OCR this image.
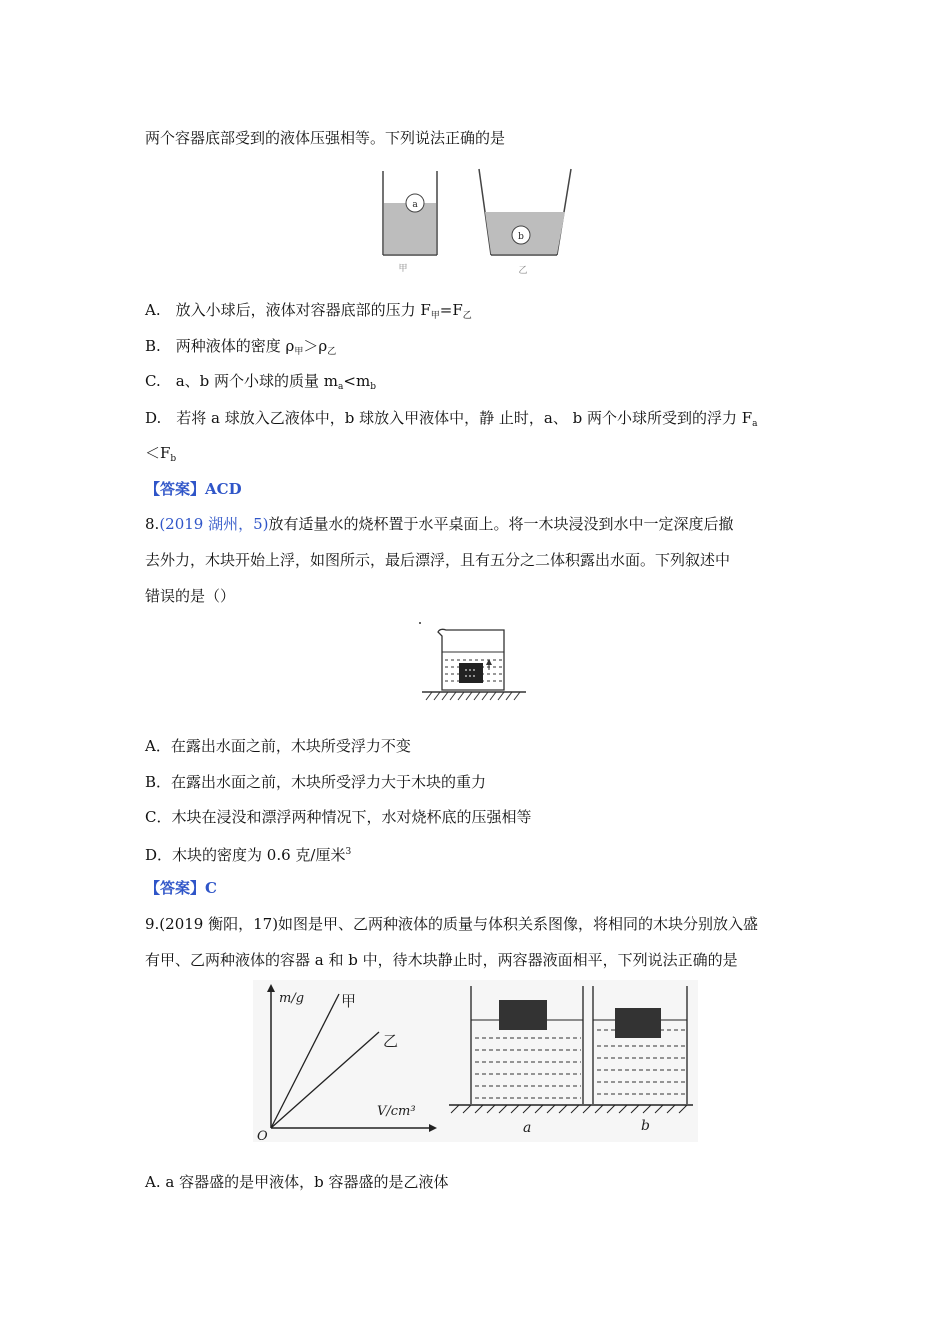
两个容器底部受到的液体压强相等。下列说法正确的是
a
甲
b
乙
A.　放入小球后，液体对容器底部的压力 $F_甲=F_乙$
B.　两种液体的密度 $\rho_甲>\rho_乙$
C.　a、b 两个小球的质量 $m_a<m_b$
D.　若将 a 球放入乙液体中，b 球放入甲液体中，静 止时，a、 b 两个小球所受到的浮力 $F_a$
$<F_b$
【答案】ACD
8.(2019 湖州，5)放有适量水的烧杯置于水平桌面上。将一木块浸没到水中一定深度后撤
去外力，木块开始上浮，如图所示，最后漂浮，且有五分之二体积露出水面。下列叙述中
错误的是（）
A．在露出水面之前，木块所受浮力不变
B．在露出水面之前，木块所受浮力大于木块的重力
C．木块在浸没和漂浮两种情况下，水对烧杯底的压强相等
D．木块的密度为 0.6 克/厘米$^3$
【答案】C
9.(2019 衡阳，17)如图是甲、乙两种液体的质量与体积关系图像，将相同的木块分别放入盛
有甲、乙两种液体的容器 a 和 b 中，待木块静止时，两容器液面相平，下列说法正确的是
m/g
V/cm³
O
甲
乙
a	b
A. a 容器盛的是甲液体，b 容器盛的是乙液体
